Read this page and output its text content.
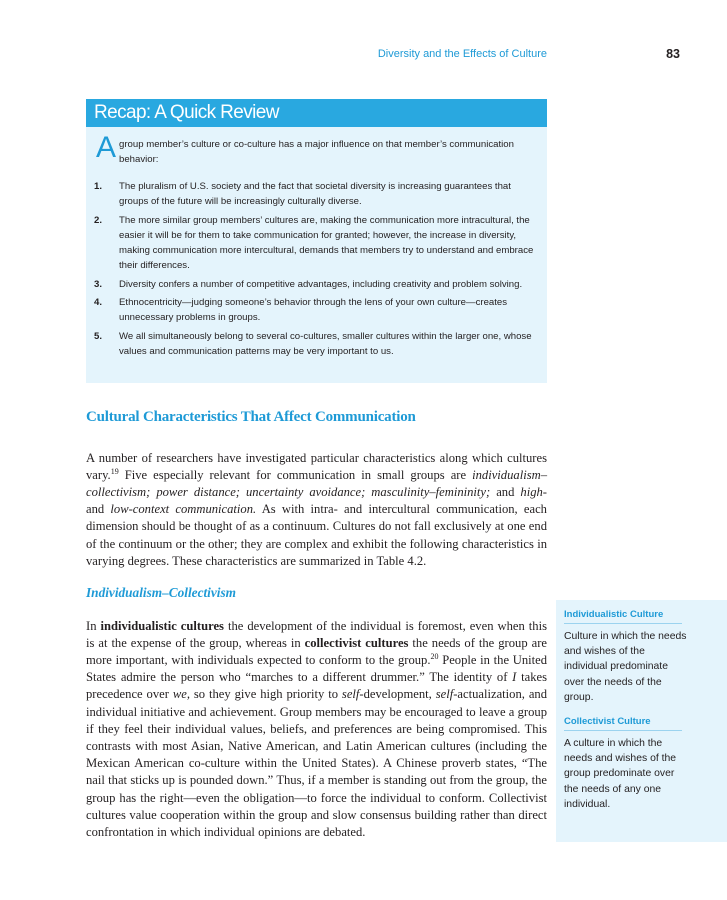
Diversity and the Effects of Culture	83
Recap: A Quick Review
A group member’s culture or co-culture has a major influence on that member’s communication behavior:
1.	The pluralism of U.S. society and the fact that societal diversity is increasing guarantees that groups of the future will be increasingly culturally diverse.
2.	The more similar group members’ cultures are, making the communication more intracultural, the easier it will be for them to take communication for granted; however, the increase in diversity, making communication more intercultural, demands that members try to understand and embrace their differences.
3.	Diversity confers a number of competitive advantages, including creativity and problem solving.
4.	Ethnocentricity—judging someone’s behavior through the lens of your own culture—creates unnecessary problems in groups.
5.	We all simultaneously belong to several co-cultures, smaller cultures within the larger one, whose values and communication patterns may be very important to us.
Cultural Characteristics That Affect Communication

A number of researchers have investigated particular characteristics along which cultures vary.$^{19}$ Five especially relevant for communication in small groups are individualism–collectivism; power distance; uncertainty avoidance; masculinity–femininity; and high- and low-context communication. As with intra- and intercultural communication, each dimension should be thought of as a continuum. Cultures do not fall exclusively at one end of the continuum or the other; they are complex and exhibit the following characteristics in varying degrees. These characteristics are summarized in Table 4.2.

Individualism–Collectivism

In individualistic cultures the development of the individual is foremost, even when this is at the expense of the group, whereas in collectivist cultures the needs of the group are more important, with individuals expected to conform to the group.$^{20}$ People in the United States admire the person who “marches to a different drummer.” The identity of I takes precedence over we, so they give high priority to self-development, self-actualization, and individual initiative and achievement. Group members may be encouraged to leave a group if they feel their individual values, beliefs, and preferences are being compromised. This contrasts with most Asian, Native American, and Latin American cultures (including the Mexican American co-culture within the United States). A Chinese proverb states, “The nail that sticks up is pounded down.” Thus, if a member is standing out from the group, the group has the right—even the obligation—to force the individual to conform. Collectivist cultures value cooperation within the group and slow consensus building rather than direct confrontation in which individual opinions are debated.

Individualistic Culture
Culture in which the needs and wishes of the individual predominate over the needs of the group.
Collectivist Culture
A culture in which the needs and wishes of the group predominate over the needs of any one individual.
